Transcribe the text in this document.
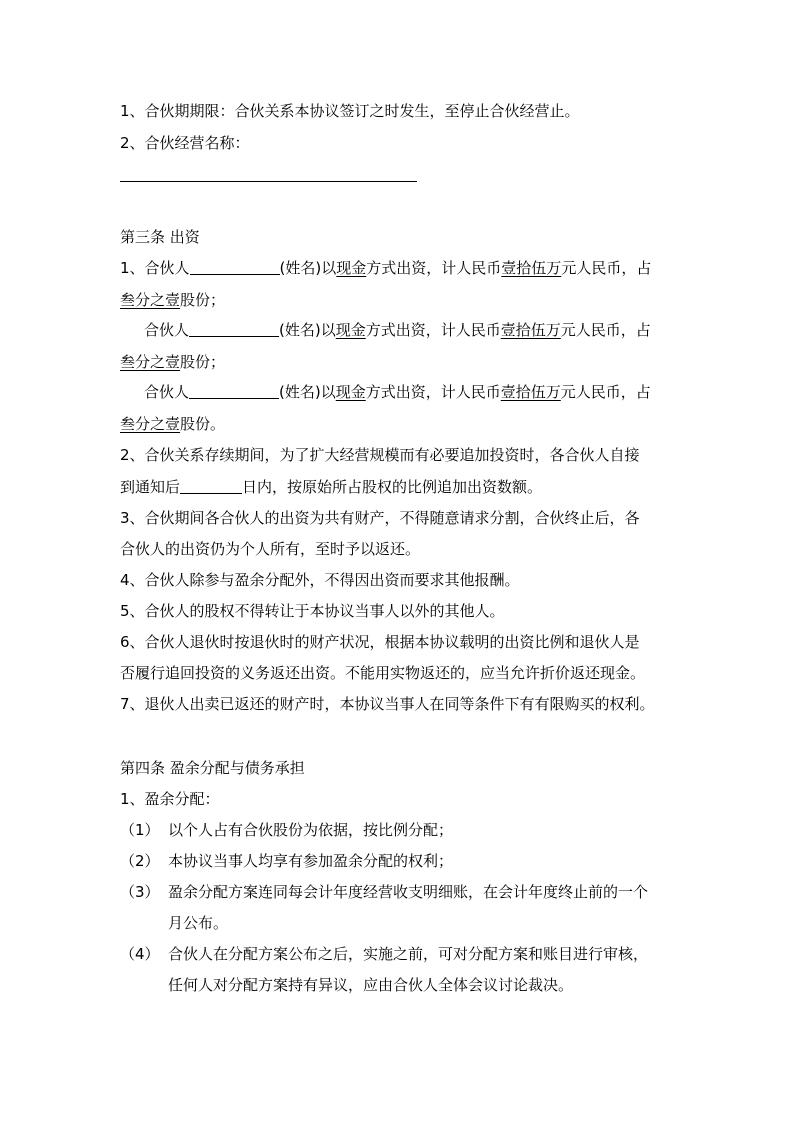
1、合伙期期限：合伙关系本协议签订之时发生，至停止合伙经营止。
2、合伙经营名称：
第三条 出资
1、合伙人	(姓名)以现金方式出资，计人民币壹拾伍万元人民币，占
叁分之壹股份；
合伙人	(姓名)以现金方式出资，计人民币壹拾伍万元人民币，占
叁分之壹股份；
合伙人	(姓名)以现金方式出资，计人民币壹拾伍万元人民币，占
叁分之壹股份。
2、合伙关系存续期间，为了扩大经营规模而有必要追加投资时，各合伙人自接
到通知后	日内，按原始所占股权的比例追加出资数额。
3、合伙期间各合伙人的出资为共有财产，不得随意请求分割，合伙终止后，各
合伙人的出资仍为个人所有，至时予以返还。
4、合伙人除参与盈余分配外，不得因出资而要求其他报酬。
5、合伙人的股权不得转让于本协议当事人以外的其他人。
6、合伙人退伙时按退伙时的财产状况，根据本协议载明的出资比例和退伙人是
否履行追回投资的义务返还出资。不能用实物返还的，应当允许折价返还现金。
7、退伙人出卖已返还的财产时，本协议当事人在同等条件下有有限购买的权利。
第四条 盈余分配与债务承担
1、盈余分配：
（1） 以个人占有合伙股份为依据，按比例分配；
（2） 本协议当事人均享有参加盈余分配的权利；
（3） 盈余分配方案连同每会计年度经营收支明细账，在会计年度终止前的一个
月公布。
（4） 合伙人在分配方案公布之后，实施之前，可对分配方案和账目进行审核，
任何人对分配方案持有异议，应由合伙人全体会议讨论裁决。
